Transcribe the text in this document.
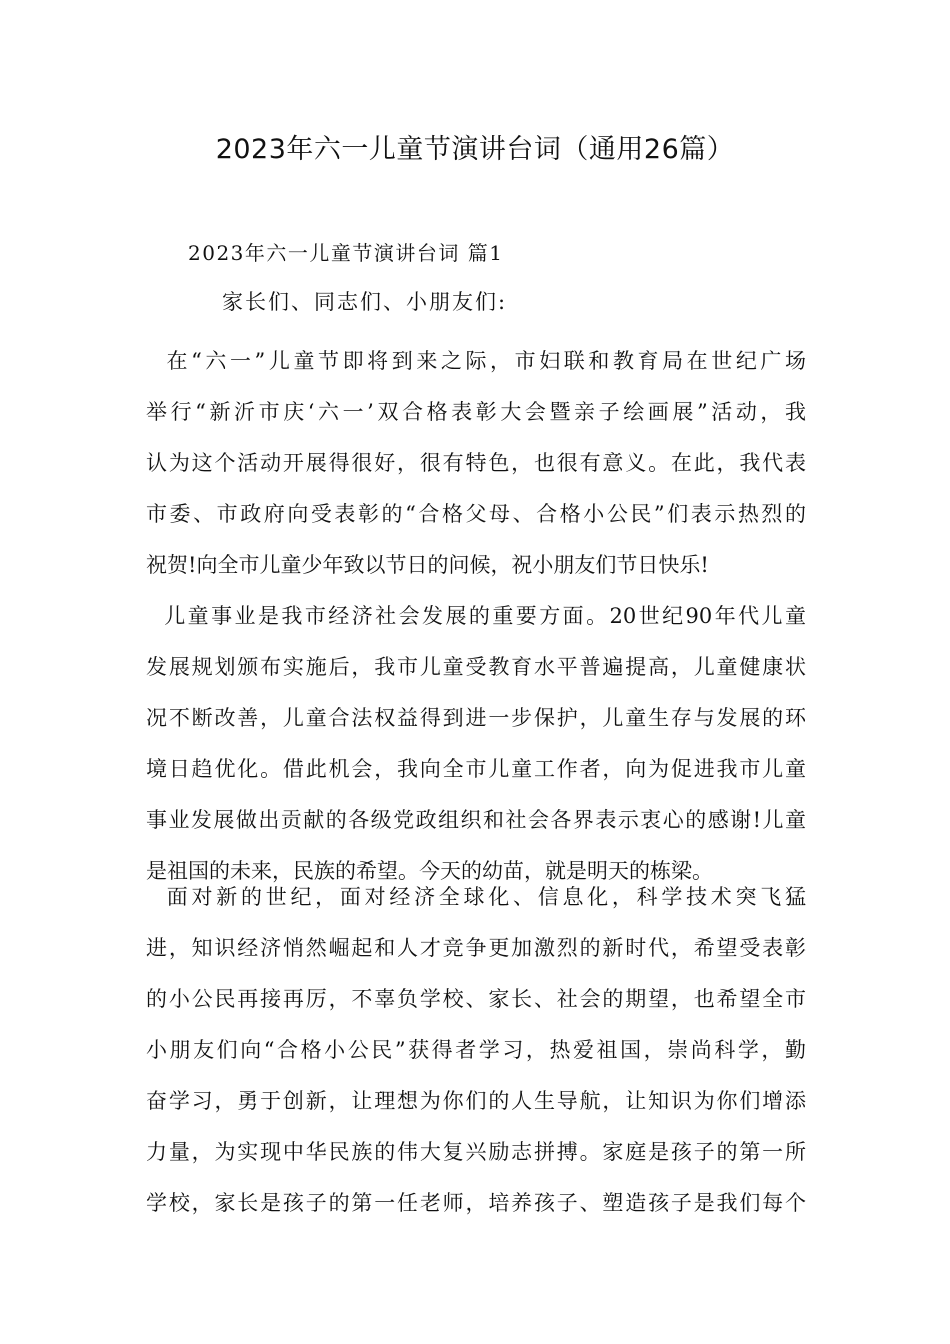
2023年六一儿童节演讲台词（通用26篇）
2023年六一儿童节演讲台词 篇1

家长们、同志们、小朋友们:

在“六一”儿童节即将到来之际，市妇联和教育局在世纪广场
举行“新沂市庆‘六一’双合格表彰大会暨亲子绘画展”活动，我
认为这个活动开展得很好，很有特色，也很有意义。在此，我代表
市委、市政府向受表彰的“合格父母、合格小公民”们表示热烈的
祝贺!向全市儿童少年致以节日的问候，祝小朋友们节日快乐!
儿童事业是我市经济社会发展的重要方面。20世纪90年代儿童
发展规划颁布实施后，我市儿童受教育水平普遍提高，儿童健康状
况不断改善，儿童合法权益得到进一步保护，儿童生存与发展的环
境日趋优化。借此机会，我向全市儿童工作者，向为促进我市儿童
事业发展做出贡献的各级党政组织和社会各界表示衷心的感谢!儿童
是祖国的未来，民族的希望。今天的幼苗，就是明天的栋梁。
面对新的世纪，面对经济全球化、信息化，科学技术突飞猛
进，知识经济悄然崛起和人才竞争更加激烈的新时代，希望受表彰
的小公民再接再厉，不辜负学校、家长、社会的期望，也希望全市
小朋友们向“合格小公民”获得者学习，热爱祖国，崇尚科学，勤
奋学习，勇于创新，让理想为你们的人生导航，让知识为你们增添
力量，为实现中华民族的伟大复兴励志拼搏。家庭是孩子的第一所
学校，家长是孩子的第一任老师，培养孩子、塑造孩子是我们每个
